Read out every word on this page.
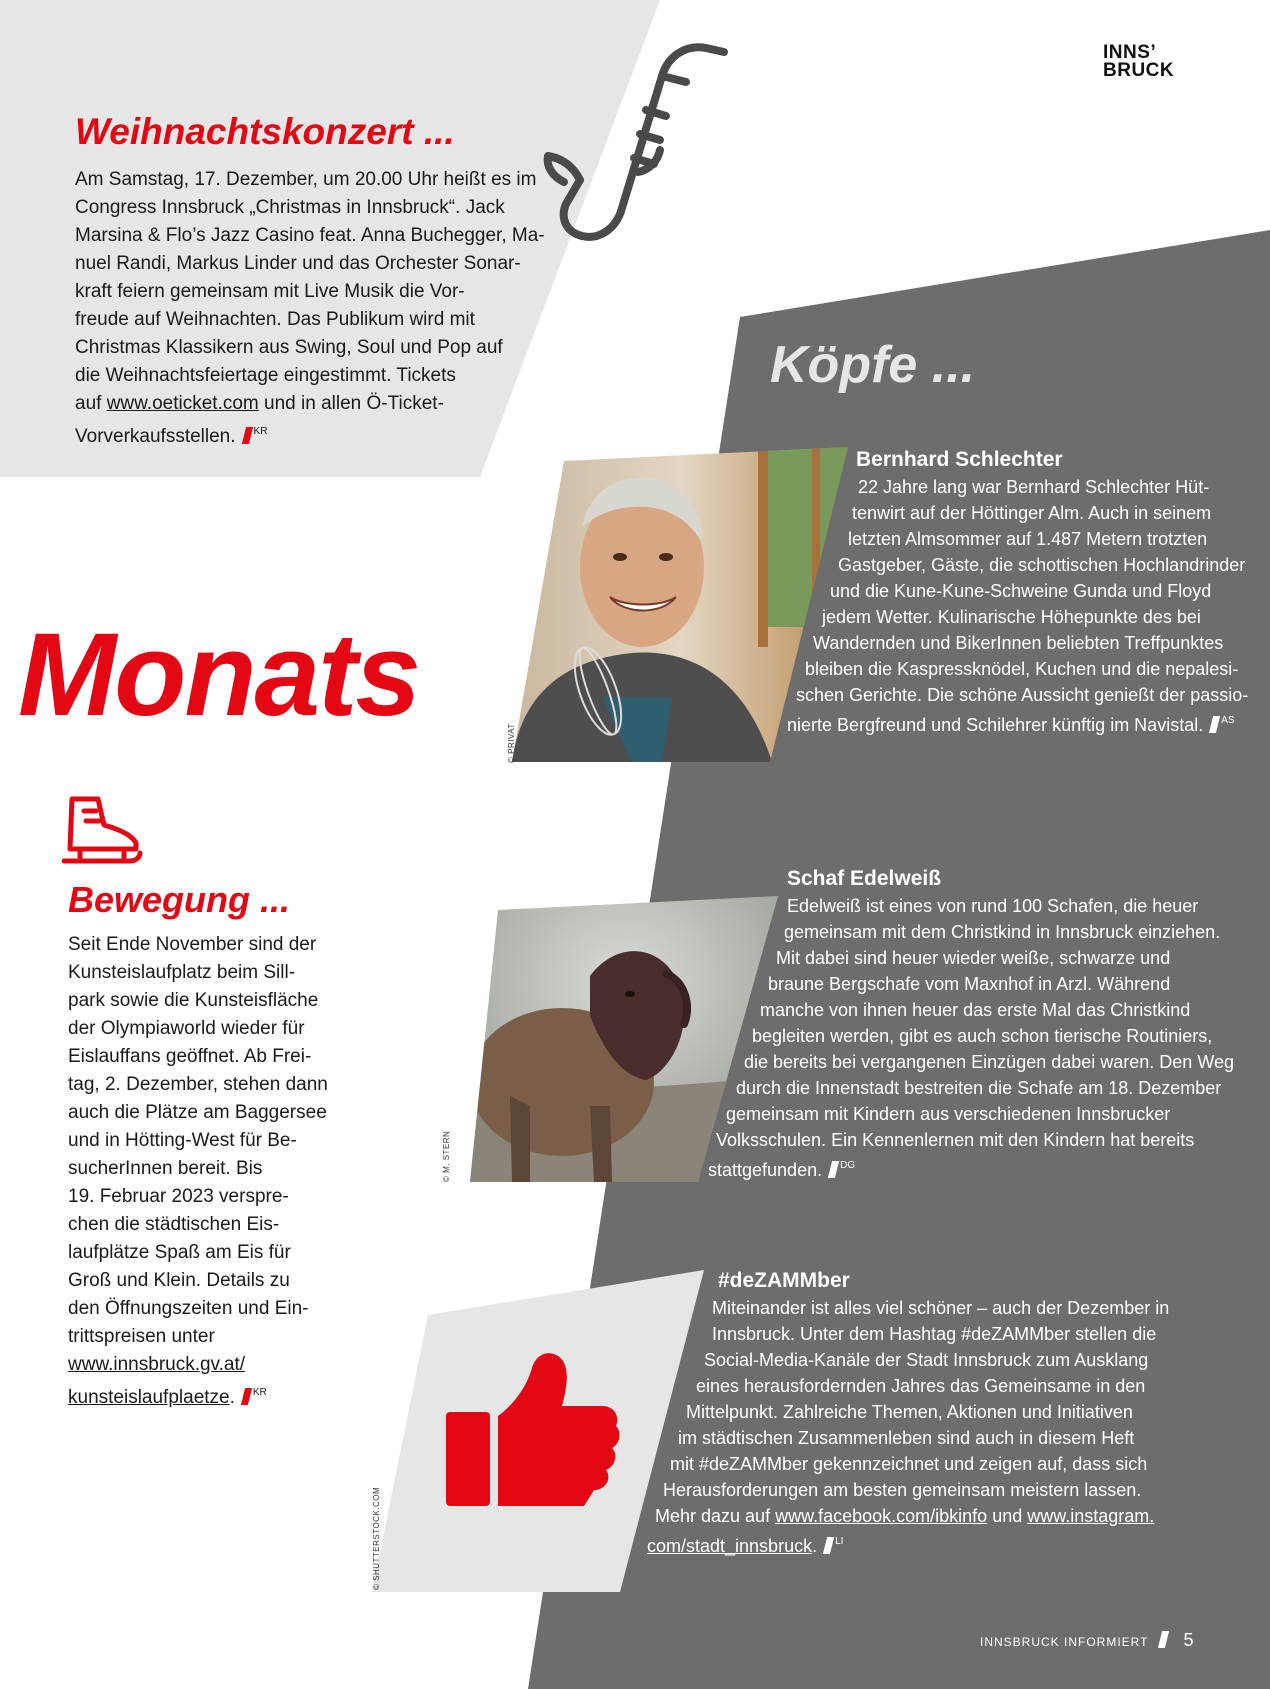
INNS’
BRUCK
Weihnachtskonzert ...

Am Samstag, 17. Dezember, um 20.00 Uhr heißt es im

Congress Innsbruck „Christmas in Innsbruck“. Jack

Marsina & Flo’s Jazz Casino feat. Anna Buchegger, Ma-

nuel Randi, Markus Linder und das Orchester Sonar-

kraft feiern gemeinsam mit Live Musik die Vor-

freude auf Weihnachten. Das Publikum wird mit

Christmas Klassikern aus Swing, Soul und Pop auf

die Weihnachtsfeiertage eingestimmt. Tickets

auf www.oeticket.com und in allen Ö-Ticket-

Vorverkaufsstellen. $^{KR}$

Monats
Köpfe ...
© PRIVAT
Bernhard Schlechter
22 Jahre lang war Bernhard Schlechter Hüt-
tenwirt auf der Höttinger Alm. Auch in seinem
letzten Almsommer auf 1.487 Metern trotzten
Gastgeber, Gäste, die schottischen Hochlandrinder
und die Kune-Kune-Schweine Gunda und Floyd
jedem Wetter. Kulinarische Höhepunkte des bei
Wandernden und BikerInnen beliebten Treffpunktes
bleiben die Kaspressknödel, Kuchen und die nepalesi-
schen Gerichte. Die schöne Aussicht genießt der passio-
nierte Bergfreund und Schilehrer künftig im Navistal. $^{AS}$
Bewegung ...

Seit Ende November sind der

Kunsteislaufplatz beim Sill-

park sowie die Kunsteisfläche

der Olympiaworld wieder für

Eislauffans geöffnet. Ab Frei-

tag, 2. Dezember, stehen dann

auch die Plätze am Baggersee

und in Hötting-West für Be-

sucherInnen bereit. Bis

19. Februar 2023 verspre-

chen die städtischen Eis-

laufplätze Spaß am Eis für

Groß und Klein. Details zu

den Öffnungszeiten und Ein-

trittspreisen unter

www.innsbruck.gv.at/

kunsteislaufplaetze. $^{KR}$

© M. STERN
Schaf Edelweiß
Edelweiß ist eines von rund 100 Schafen, die heuer
gemeinsam mit dem Christkind in Innsbruck einziehen.
Mit dabei sind heuer wieder weiße, schwarze und
braune Bergschafe vom Maxnhof in Arzl. Während
manche von ihnen heuer das erste Mal das Christkind
begleiten werden, gibt es auch schon tierische Routiniers,
die bereits bei vergangenen Einzügen dabei waren. Den Weg
durch die Innenstadt bestreiten die Schafe am 18. Dezember
gemeinsam mit Kindern aus verschiedenen Innsbrucker
Volksschulen. Ein Kennenlernen mit den Kindern hat bereits
stattgefunden. $^{DG}$
© SHUTTERSTOCK.COM
#deZAMMber
Miteinander ist alles viel schöner – auch der Dezember in
Innsbruck. Unter dem Hashtag #deZAMMber stellen die
Social-Media-Kanäle der Stadt Innsbruck zum Ausklang
eines herausfordernden Jahres das Gemeinsame in den
Mittelpunkt. Zahlreiche Themen, Aktionen und Initiativen
im städtischen Zusammenleben sind auch in diesem Heft
mit #deZAMMber gekennzeichnet und zeigen auf, dass sich
Herausforderungen am besten gemeinsam meistern lassen.
Mehr dazu auf www.facebook.com/ibkinfo und www.instagram.
com/stadt_innsbruck. $^{LI}$
INNSBRUCK INFORMIERT 5
